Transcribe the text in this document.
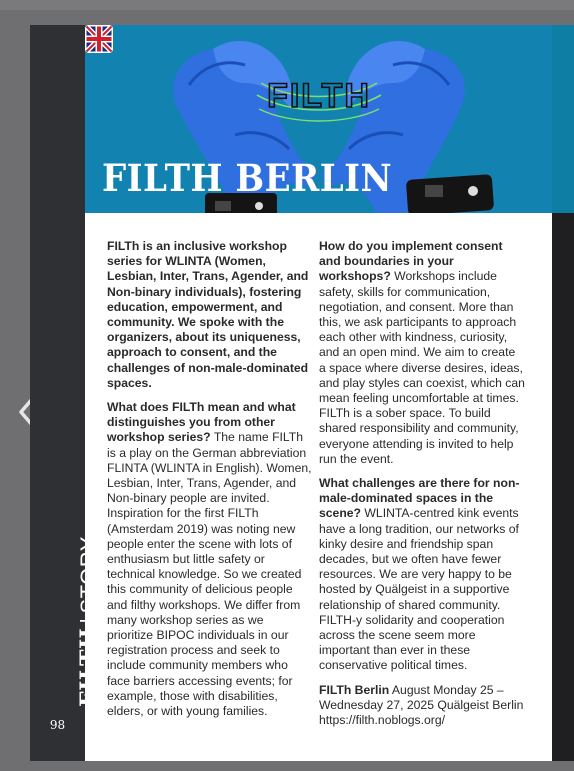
FILTH|STORY
98
FILTH
FILTH BERLIN

FILTh is an inclusive workshop series for WLINTA (Women, Lesbian, Inter, Trans, Agender, and Non-binary individuals), fostering education, empowerment, and community. We spoke with the organizers, about its uniqueness, approach to consent, and the challenges of non-male-dominated spaces.

What does FILTh mean and what distinguishes you from other workshop series? The name FILTh is a play on the German abbreviation FLINTA (WLINTA in English). Women, Lesbian, Inter, Trans, Agender, and Non-binary people are invited. Inspiration for the first FILTh (Amsterdam 2019) was noting new people enter the scene with lots of enthusiasm but little safety or technical knowledge. So we created this community of delicious people and filthy workshops. We differ from many workshop series as we prioritize BIPOC individuals in our registration process and seek to include community members who face barriers accessing events; for example, those with disabilities, elders, or with young families.

How do you implement consent and boundaries in your workshops? Workshops include safety, skills for communication, negotiation, and consent. More than this, we ask participants to approach each other with kindness, curiosity, and an open mind. We aim to create a space where diverse desires, ideas, and play styles can coexist, which can mean feeling uncomfortable at times. FILTh is a sober space. To build shared responsibility and community, everyone attending is invited to help run the event.

What challenges are there for non-male-dominated spaces in the scene? WLINTA-centred kink events have a long tradition, our networks of kinky desire and friendship span decades, but we often have fewer resources. We are very happy to be hosted by Quälgeist in a supportive relationship of shared community. FILTH-y solidarity and cooperation across the scene seem more important than ever in these conservative political times.

FILTh Berlin August Monday 25 – Wednesday 27, 2025 Quälgeist Berlin https://filth.noblogs.org/
